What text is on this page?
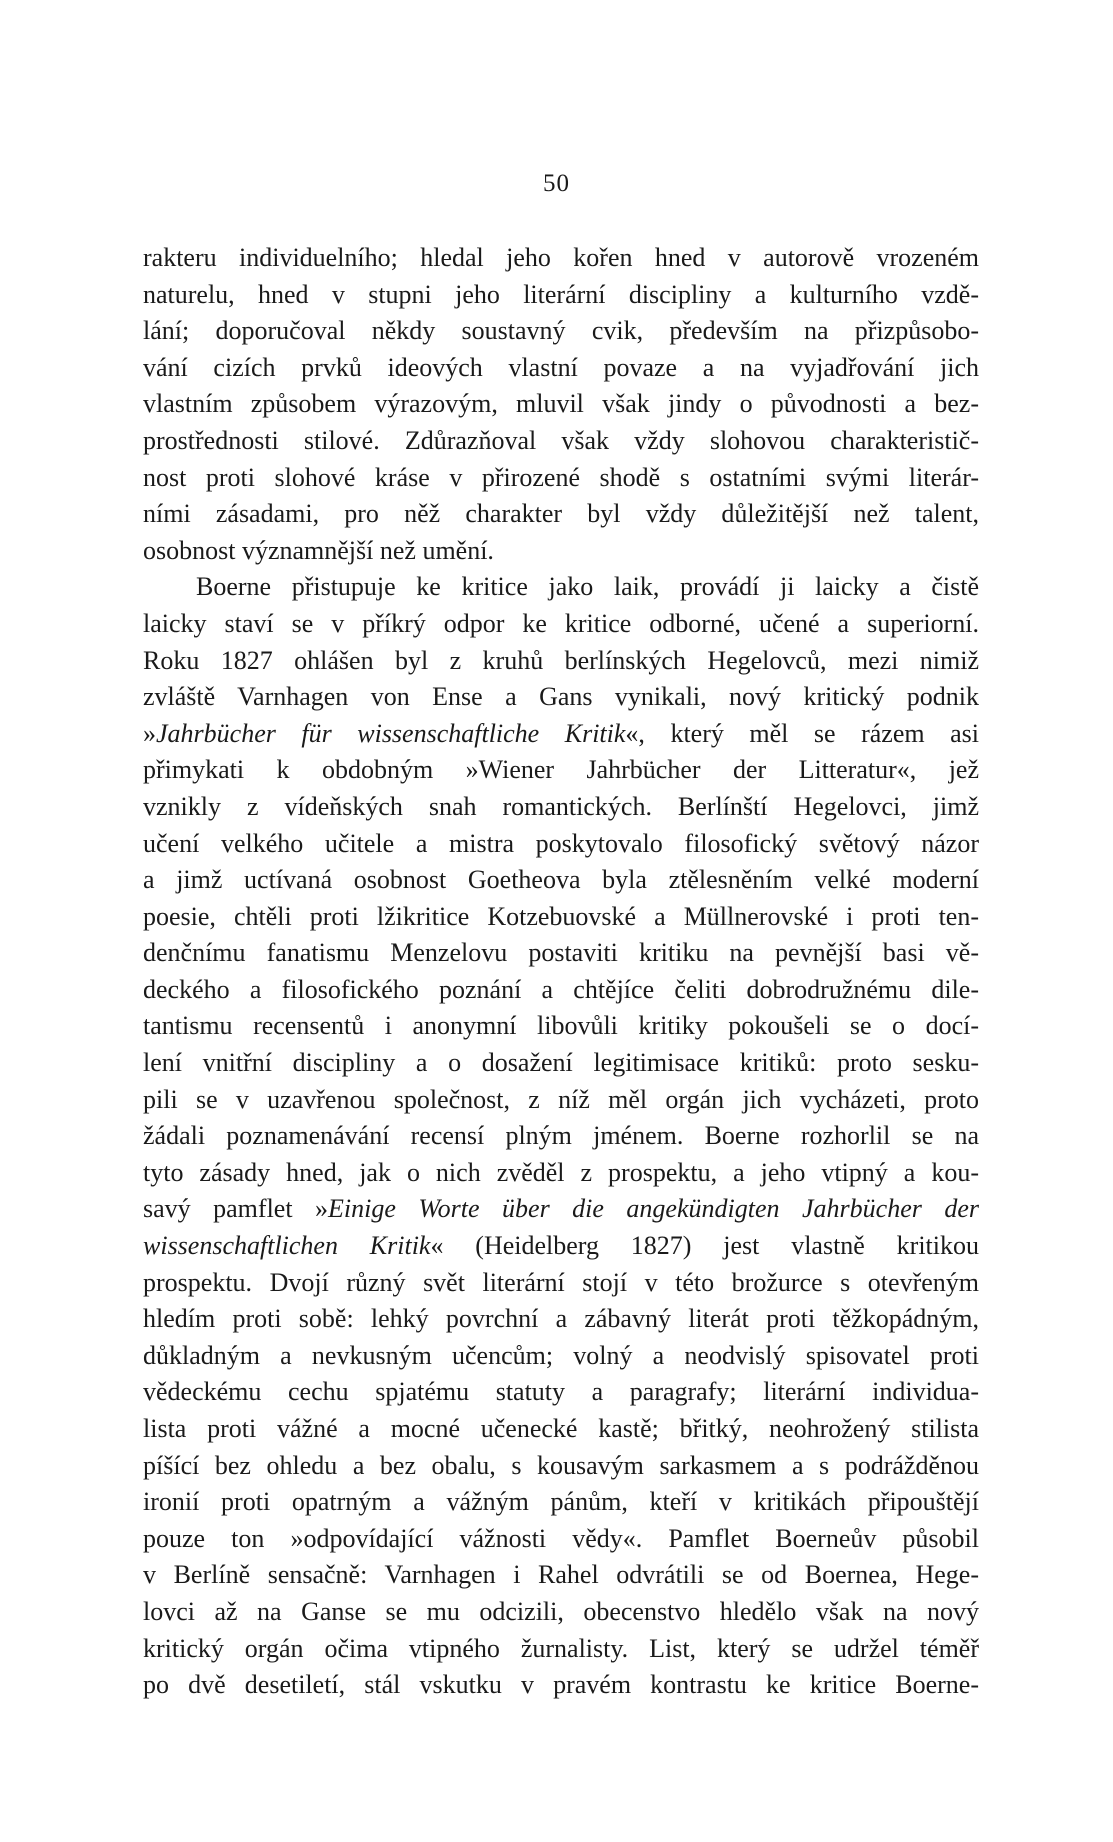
50
rakteru individuelního; hledal jeho kořen hned v autorově vrozeném
naturelu, hned v stupni jeho literární discipliny a kulturního vzdě-
lání; doporučoval někdy soustavný cvik, především na přizpůsobo-
vání cizích prvků ideových vlastní povaze a na vyjadřování jich
vlastním způsobem výrazovým, mluvil však jindy o původnosti a bez-
prostřednosti stilové. Zdůrazňoval však vždy slohovou charakteristič-
nost proti slohové kráse v přirozené shodě s ostatními svými literár-
ními zásadami, pro něž charakter byl vždy důležitější než talent,
osobnost významnější než umění.
Boerne přistupuje ke kritice jako laik, provádí ji laicky a čistě
laicky staví se v příkrý odpor ke kritice odborné, učené a superiorní.
Roku 1827 ohlášen byl z kruhů berlínských Hegelovců, mezi nimiž
zvláště Varnhagen von Ense a Gans vynikali, nový kritický podnik
»Jahrbücher für wissenschaftliche Kritik«, který měl se rázem asi
přimykati k obdobným »Wiener Jahrbücher der Litteratur«, jež
vznikly z vídeňských snah romantických. Berlínští Hegelovci, jimž
učení velkého učitele a mistra poskytovalo filosofický světový názor
a jimž uctívaná osobnost Goetheova byla ztělesněním velké moderní
poesie, chtěli proti lžikritice Kotzebuovské a Müllnerovské i proti ten-
denčnímu fanatismu Menzelovu postaviti kritiku na pevnější basi vě-
deckého a filosofického poznání a chtějíce čeliti dobrodružnému dile-
tantismu recensentů i anonymní libovůli kritiky pokoušeli se o docí-
lení vnitřní discipliny a o dosažení legitimisace kritiků: proto sesku-
pili se v uzavřenou společnost, z níž měl orgán jich vycházeti, proto
žádali poznamenávání recensí plným jménem. Boerne rozhorlil se na
tyto zásady hned, jak o nich zvěděl z prospektu, a jeho vtipný a kou-
savý pamflet »Einige Worte über die angekündigten Jahrbücher der
wissenschaftlichen Kritik« (Heidelberg 1827) jest vlastně kritikou
prospektu. Dvojí různý svět literární stojí v této brožurce s otevřeným
hledím proti sobě: lehký povrchní a zábavný literát proti těžkopádným,
důkladným a nevkusným učencům; volný a neodvislý spisovatel proti
vědeckému cechu spjatému statuty a paragrafy; literární individua-
lista proti vážné a mocné učenecké kastě; břitký, neohrožený stilista
píšící bez ohledu a bez obalu, s kousavým sarkasmem a s podrážděnou
ironií proti opatrným a vážným pánům, kteří v kritikách připouštějí
pouze ton »odpovídající vážnosti vědy«. Pamflet Boerneův působil
v Berlíně sensačně: Varnhagen i Rahel odvrátili se od Boernea, Hege-
lovci až na Ganse se mu odcizili, obecenstvo hledělo však na nový
kritický orgán očima vtipného žurnalisty. List, který se udržel téměř
po dvě desetiletí, stál vskutku v pravém kontrastu ke kritice Boerne-
